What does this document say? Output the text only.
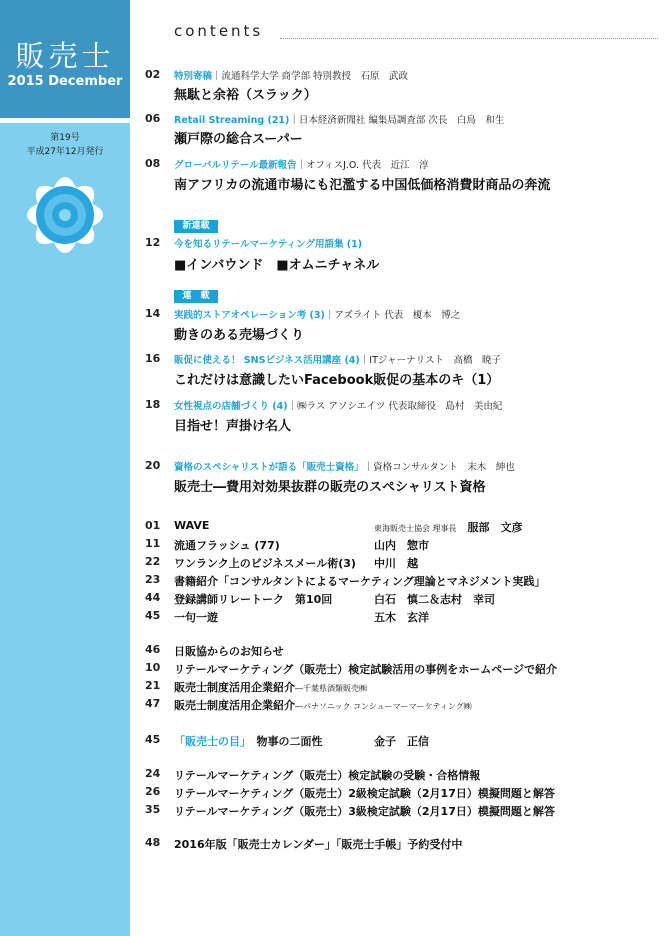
販売士
2015 December
第19号
平成27年12月発行
contents
02 特別寄稿｜流通科学大学 商学部 特別教授　石原　武政
無駄と余裕（スラック）
06 Retail Streaming (21)｜日本経済新聞社 編集局調査部 次長　白鳥　和生
瀬戸際の総合スーパー
08 グローバルリテール最新報告｜オフィスJ.O. 代表　近江　淳
南アフリカの流通市場にも氾濫する中国低価格消費財商品の奔流
新連載
12 今を知るリテールマーケティング用語集 (1)
■インバウンド　■オムニチャネル
連　載
14 実践的ストアオペレーション考 (3)｜アズライト 代表　榎本　博之
動きのある売場づくり
16 販促に使える！ SNSビジネス活用講座 (4)｜ITジャーナリスト　高橋　暁子
これだけは意識したいFacebook販促の基本のキ（1）
18 女性視点の店舗づくり (4)｜㈱ラス アソシエイツ 代表取締役　島村　美由紀
目指せ！声掛け名人
20 資格のスペシャリストが語る「販売士資格」｜資格コンサルタント　末木　紳也
販売士―費用対効果抜群の販売のスペシャリスト資格
01 WAVE	東海販売士協会 理事長　 服部　文彦
11 流通フラッシュ (77)	山内　惣市
22 ワンランク上のビジネスメール術(3) 中川　越
23 書籍紹介「コンサルタントによるマーケティング理論とマネジメント実践」
44 登録講師リレートーク　第10回	白石　慎二＆志村　幸司
45 一句一遊	五木　玄洋
46 日販協からのお知らせ
10 リテールマーケティング（販売士）検定試験活用の事例をホームページで紹介
21 販売士制度活用企業紹介―千葉県酒類販売㈱
47 販売士制度活用企業紹介―パナソニック コンシューマーマーケティング㈱
45 「販売士の目」　 物事の二面性	金子　正信
24 リテールマーケティング（販売士）検定試験の受験・合格情報
26 リテールマーケティング（販売士）2級検定試験（2月17日）模擬問題と解答
35 リテールマーケティング（販売士）3級検定試験（2月17日）模擬問題と解答
48 2016年版「販売士カレンダー」「販売士手帳」予約受付中
